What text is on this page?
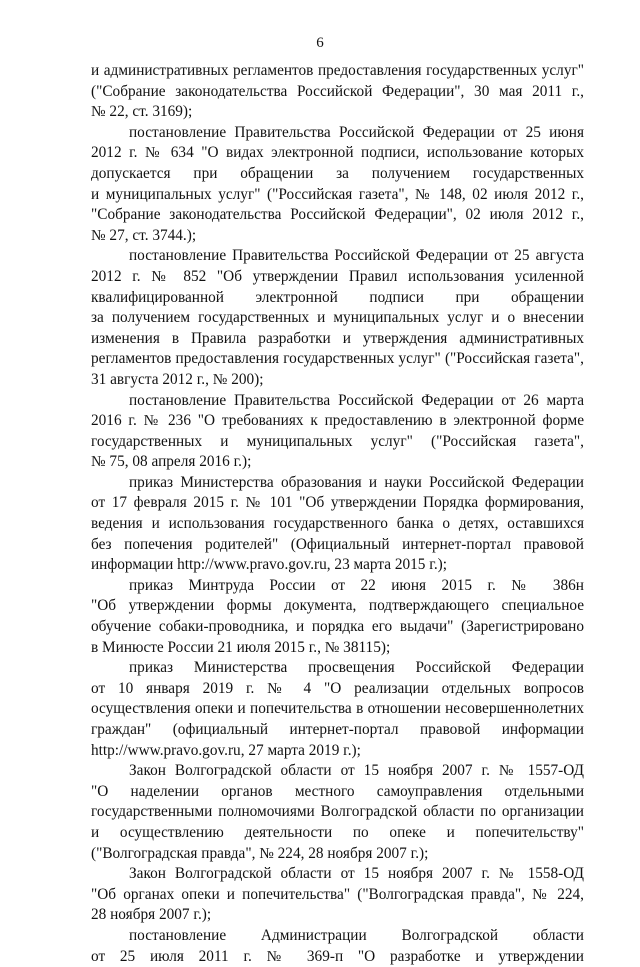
6
и административных регламентов предоставления государственных услуг"
("Собрание законодательства Российской Федерации", 30 мая 2011 г.,
№ 22, ст. 3169);
постановление Правительства Российской Федерации от 25 июня
2012 г. № 634 "О видах электронной подписи, использование которых
допускается при обращении за получением государственных
и муниципальных услуг" ("Российская газета", № 148, 02 июля 2012 г.,
"Собрание законодательства Российской Федерации", 02 июля 2012 г.,
№ 27, ст. 3744.);
постановление Правительства Российской Федерации от 25 августа
2012 г. № 852 "Об утверждении Правил использования усиленной
квалифицированной электронной подписи при обращении
за получением государственных и муниципальных услуг и о внесении
изменения в Правила разработки и утверждения административных
регламентов предоставления государственных услуг" ("Российская газета",
31 августа 2012 г., № 200);
постановление Правительства Российской Федерации от 26 марта
2016 г. № 236 "О требованиях к предоставлению в электронной форме
государственных и муниципальных услуг" ("Российская газета",
№ 75, 08 апреля 2016 г.);
приказ Министерства образования и науки Российской Федерации
от 17 февраля 2015 г. № 101 "Об утверждении Порядка формирования,
ведения и использования государственного банка о детях, оставшихся
без попечения родителей" (Официальный интернет-портал правовой
информации http://www.pravo.gov.ru, 23 марта 2015 г.);
приказ Минтруда России от 22 июня 2015 г. № 386н
"Об утверждении формы документа, подтверждающего специальное
обучение собаки-проводника, и порядка его выдачи" (Зарегистрировано
в Минюсте России 21 июля 2015 г., № 38115);
приказ Министерства просвещения Российской Федерации
от 10 января 2019 г. № 4 "О реализации отдельных вопросов
осуществления опеки и попечительства в отношении несовершеннолетних
граждан" (официальный интернет-портал правовой информации
http://www.pravo.gov.ru, 27 марта 2019 г.);
Закон Волгоградской области от 15 ноября 2007 г. № 1557-ОД
"О наделении органов местного самоуправления отдельными
государственными полномочиями Волгоградской области по организации
и осуществлению деятельности по опеке и попечительству"
("Волгоградская правда", № 224, 28 ноября 2007 г.);
Закон Волгоградской области от 15 ноября 2007 г. № 1558-ОД
"Об органах опеки и попечительства" ("Волгоградская правда", № 224,
28 ноября 2007 г.);
постановление Администрации Волгоградской области
от 25 июля 2011 г. № 369-п "О разработке и утверждении
